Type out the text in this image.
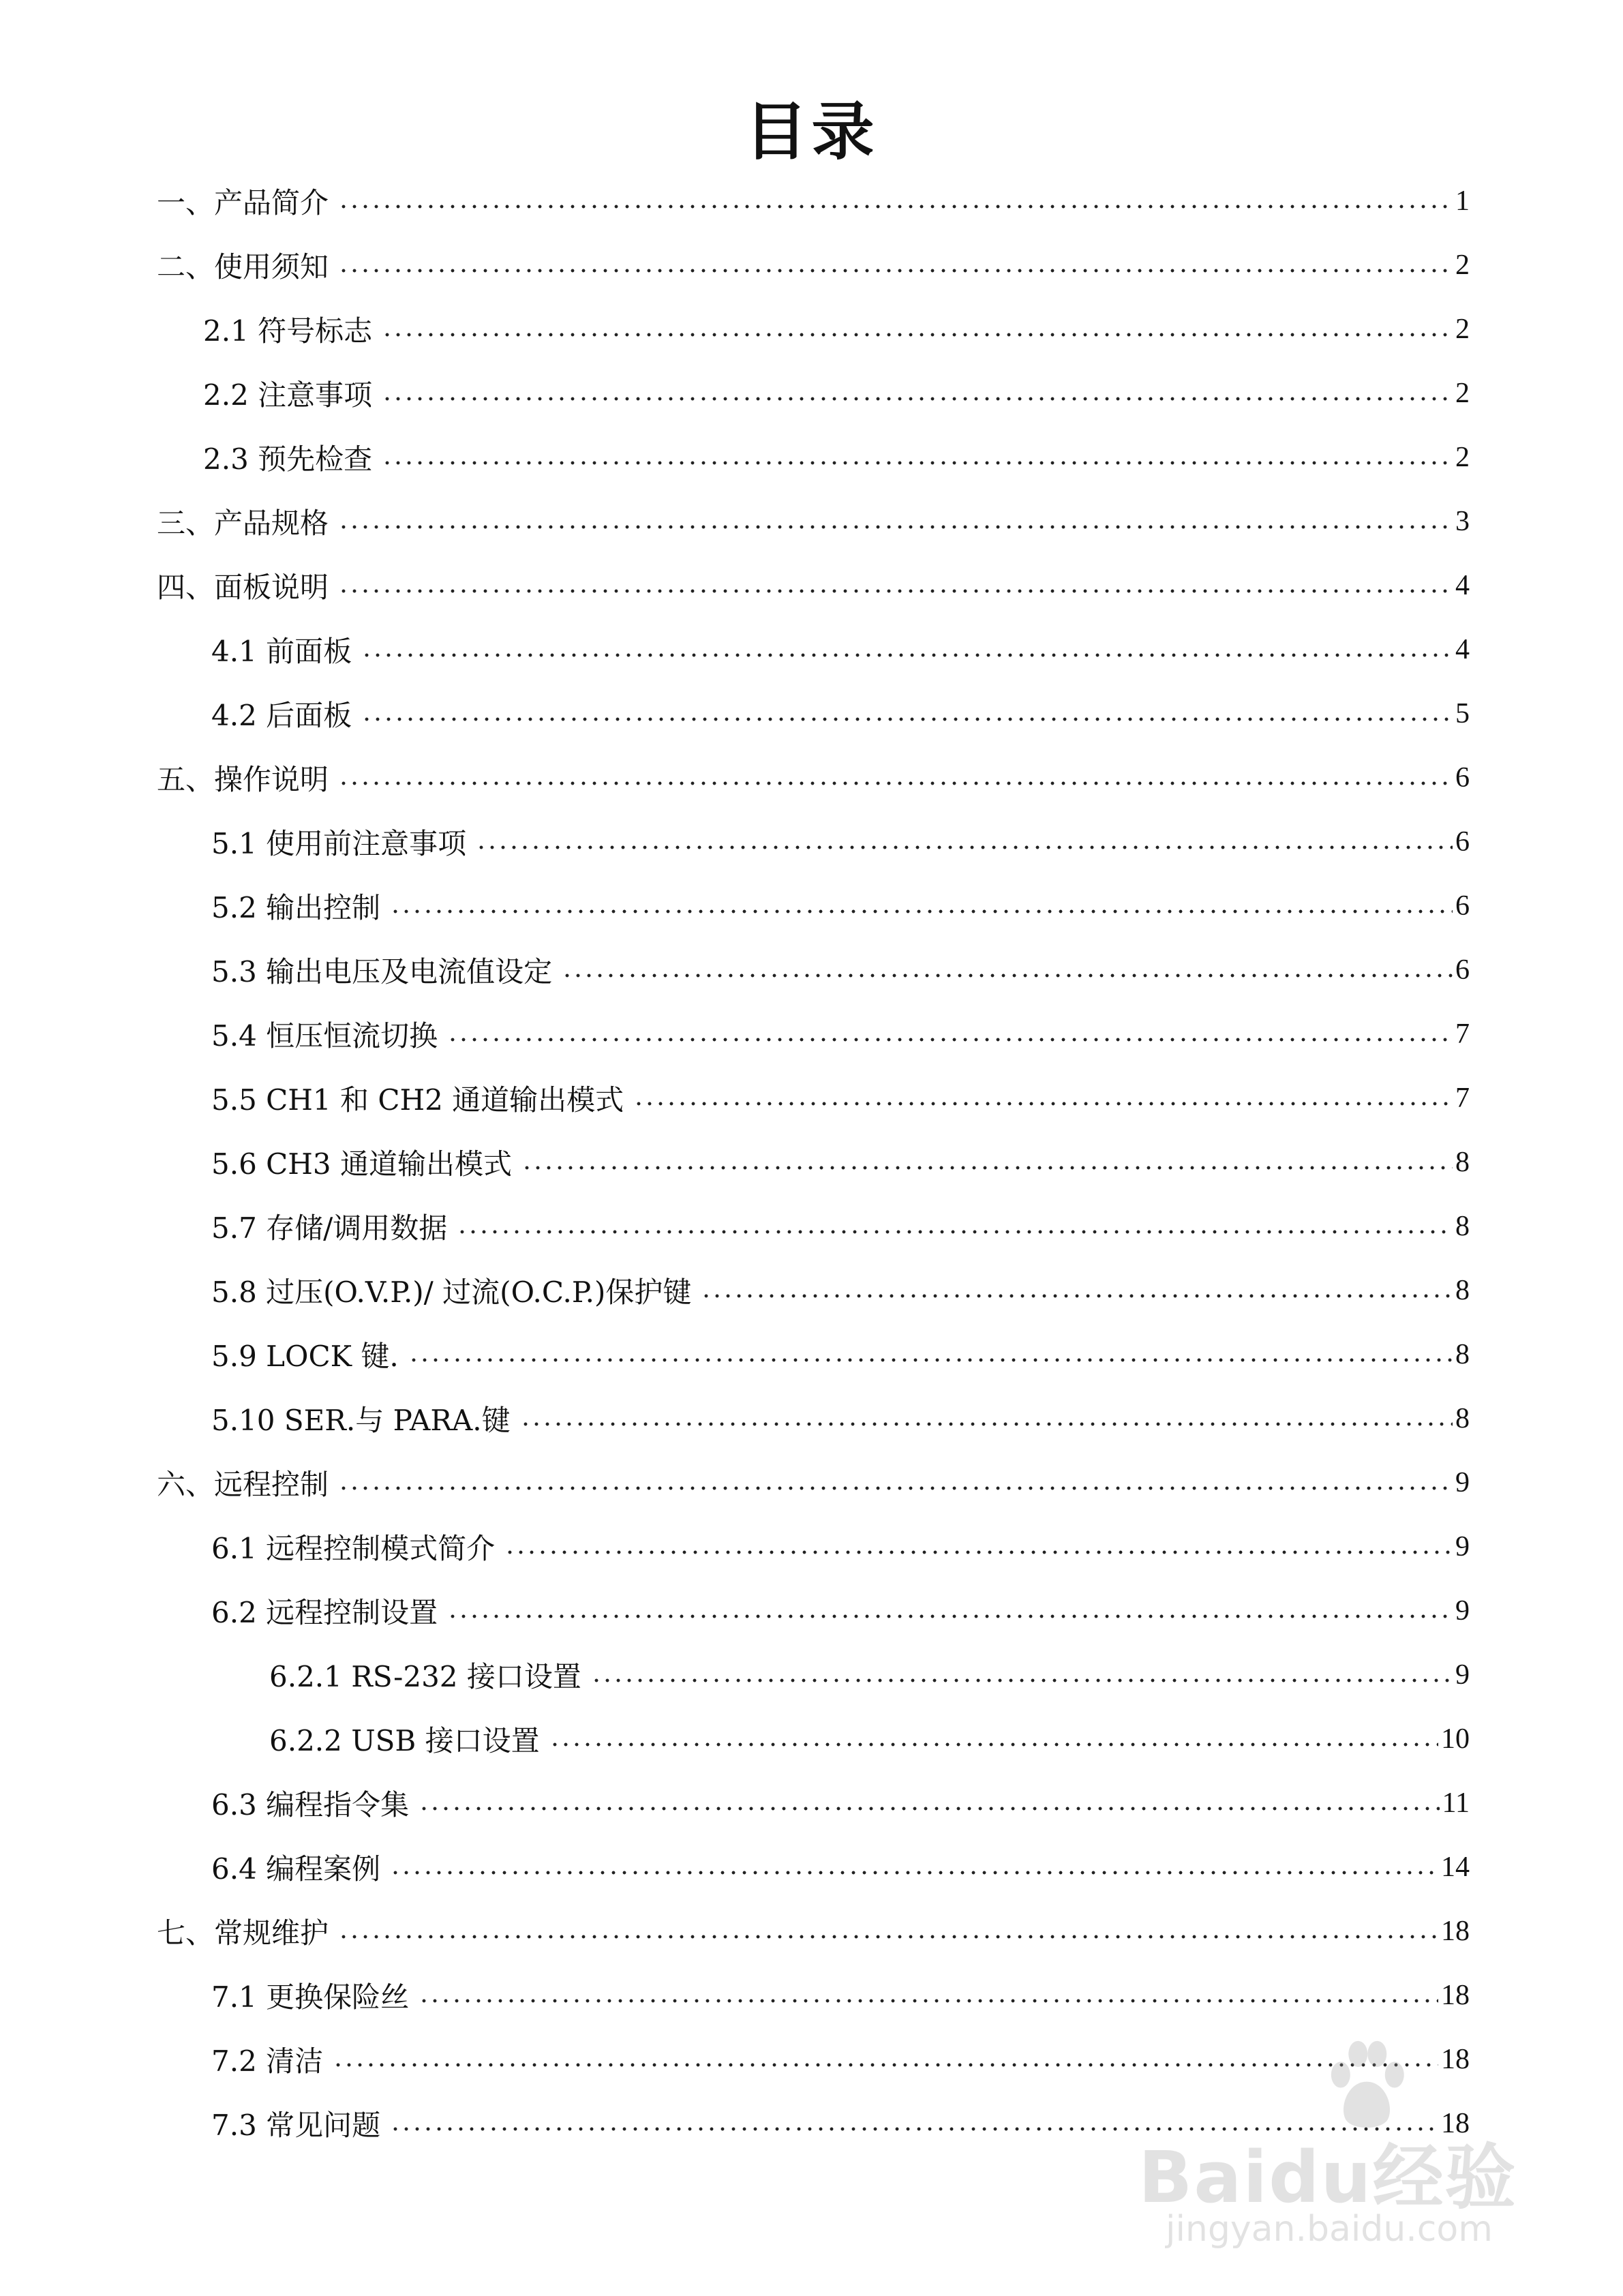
目录
一、产品简介	1
二、使用须知	2
2.1 符号标志	2
2.2 注意事项	2
2.3 预先检查	2
三、产品规格	3
四、面板说明	4
4.1 前面板	4
4.2 后面板	5
五、操作说明	6
5.1 使用前注意事项	6
5.2 输出控制	6
5.3 输出电压及电流值设定	6
5.4 恒压恒流切换	7
5.5 CH1 和 CH2 通道输出模式	7
5.6 CH3 通道输出模式	8
5.7 存储/调用数据	8
5.8 过压(O.V.P.)/ 过流(O.C.P.)保护键	8
5.9 LOCK 键.	8
5.10 SER.与 PARA.键	8
六、远程控制	9
6.1 远程控制模式简介	9
6.2 远程控制设置	9
6.2.1 RS-232 接口设置	9
6.2.2 USB 接口设置	10
6.3 编程指令集	11
6.4 编程案例	14
七、常规维护	18
7.1 更换保险丝	18
7.2 清洁	18
7.3 常见问题	18
Baidu经验
jingyan.baidu.com
